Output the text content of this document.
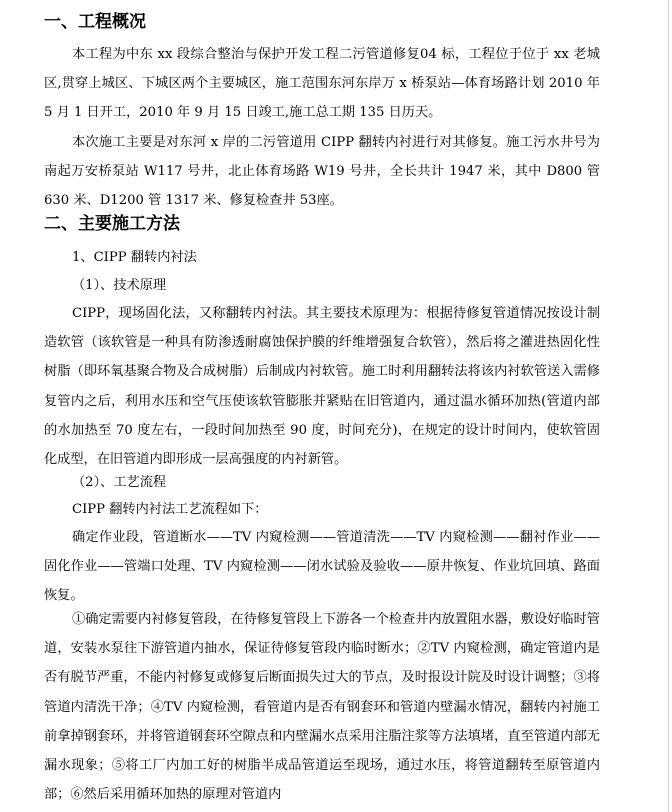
一、工程概况
本工程为中东 xx 段综合整治与保护开发工程二污管道修复04 标，工程位于位于 xx 老城区,贯穿上城区、下城区两个主要城区，施工范围东河东岸万 x 桥泵站—体育场路计划 2010 年 5 月 1 日开工，2010 年 9 月 15 日竣工,施工总工期 135 日历天。
本次施工主要是对东河 x 岸的二污管道用 CIPP 翻转内衬进行对其修复。施工污水井号为南起万安桥泵站 W117 号井，北止体育场路 W19 号井，全长共计 1947 米，其中 D800 管 630 米、D1200 管 1317 米、修复检查井 53座。
二、主要施工方法
1、CIPP 翻转内衬法
（1）、技术原理
CIPP，现场固化法，又称翻转内衬法。其主要技术原理为：根据待修复管道情况按设计制造软管（该软管是一种具有防渗透耐腐蚀保护膜的纤维增强复合软管），然后将之灌进热固化性树脂（即环氧基聚合物及合成树脂）后制成内衬软管。施工时利用翻转法将该内衬软管送入需修复管内之后，利用水压和空气压使该软管膨胀并紧贴在旧管道内，通过温水循环加热(管道内部的水加热至 70 度左右，一段时间加热至 90 度，时间充分)，在规定的设计时间内，使软管固化成型，在旧管道内即形成一层高强度的内衬新管。
（2）、工艺流程
CIPP 翻转内衬法工艺流程如下：
确定作业段，管道断水——TV 内窥检测——管道清洗——TV 内窥检测——翻衬作业——固化作业——管端口处理、TV 内窥检测——闭水试验及验收——原井恢复、作业坑回填、路面恢复。
①确定需要内衬修复管段，在待修复管段上下游各一个检查井内放置阻水器，敷设好临时管道，安装水泵往下游管道内抽水，保证待修复管段内临时断水；②TV 内窥检测，确定管道内是否有脱节严重，不能内衬修复或修复后断面损失过大的节点，及时报设计院及时设计调整；③将管道内清洗干净；④TV 内窥检测，看管道内是否有钢套环和管道内壁漏水情况，翻转内衬施工前拿掉钢套环，并将管道钢套环空隙点和内壁漏水点采用注脂注浆等方法填堵，直至管道内部无漏水现象；⑤将工厂内加工好的树脂半成品管道运至现场，通过水压，将管道翻转至原管道内部；⑥然后采用循环加热的原理对管道内
